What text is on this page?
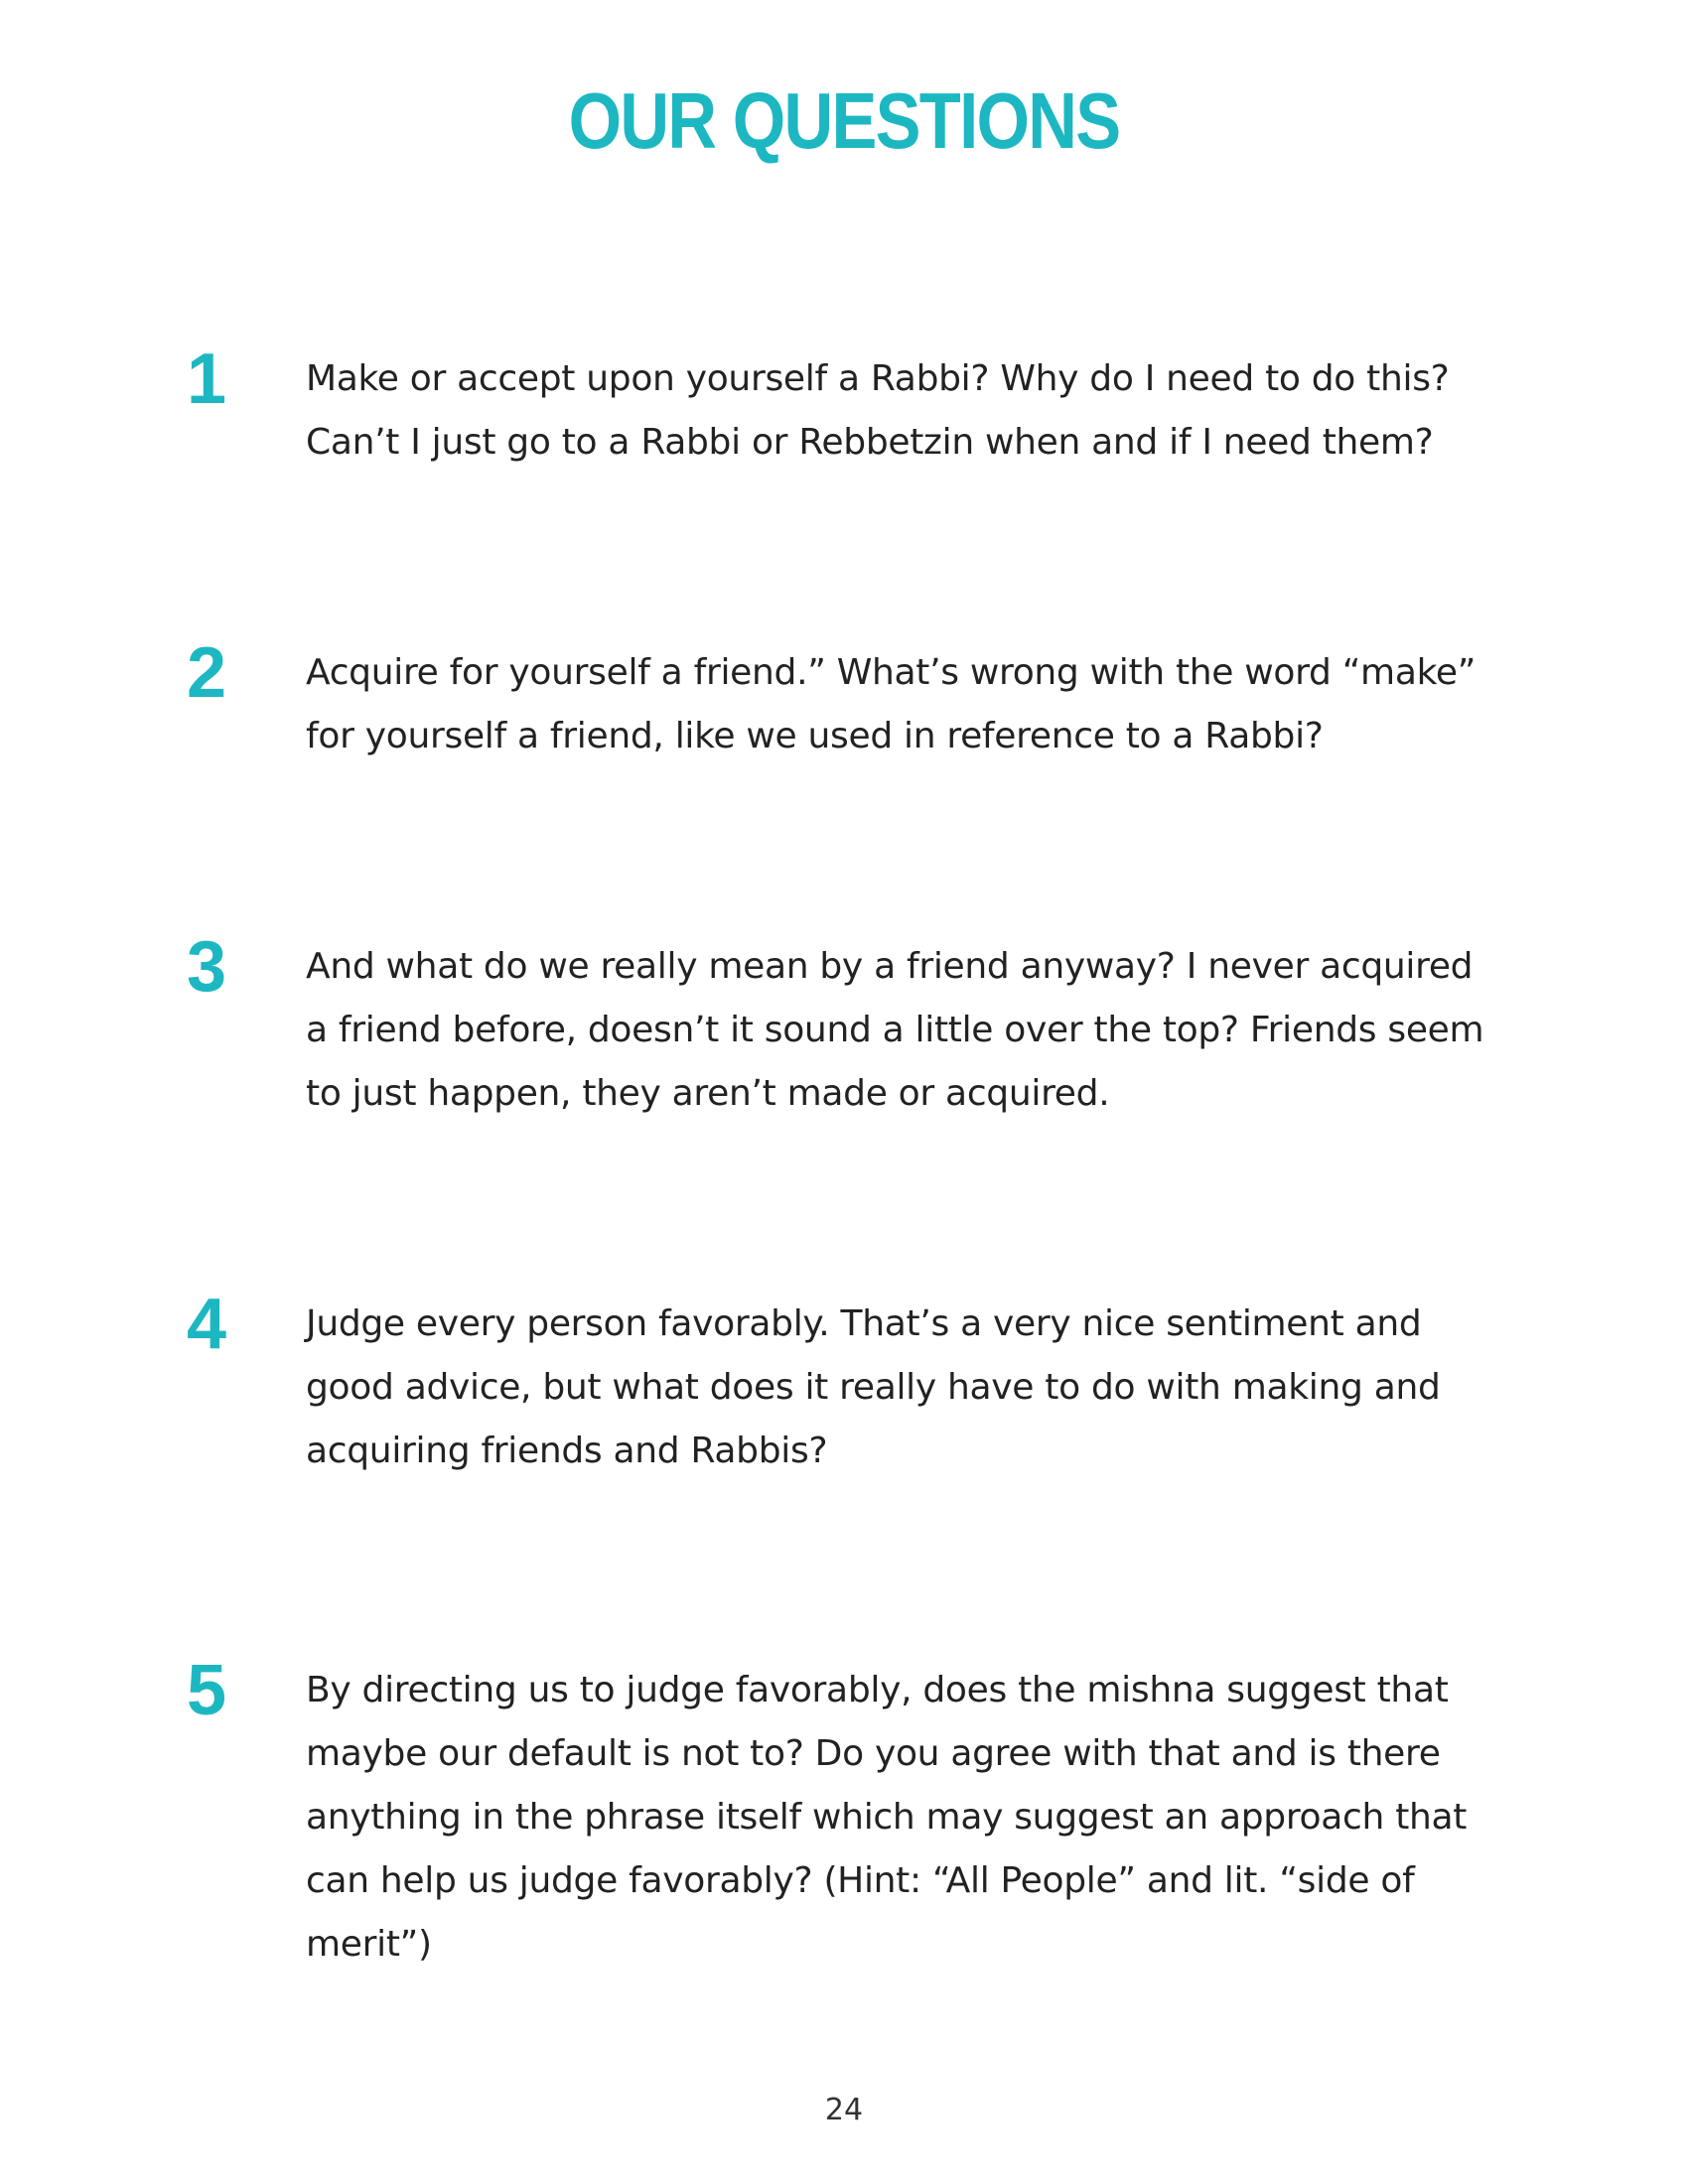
OUR QUESTIONS
1 Make or accept upon yourself a Rabbi? Why do I need to do this? Can’t I just go to a Rabbi or Rebbetzin when and if I need them?
2 Acquire for yourself a friend.” What’s wrong with the word “make” for yourself a friend, like we used in reference to a Rabbi?
3 And what do we really mean by a friend anyway? I never acquired a friend before, doesn’t it sound a little over the top? Friends seem to just happen, they aren’t made or acquired.
4 Judge every person favorably. That’s a very nice sentiment and good advice, but what does it really have to do with making and acquiring friends and Rabbis?
5 By directing us to judge favorably, does the mishna suggest that maybe our default is not to? Do you agree with that and is there anything in the phrase itself which may suggest an approach that can help us judge favorably? (Hint: “All People” and lit. “side of merit”)
24
